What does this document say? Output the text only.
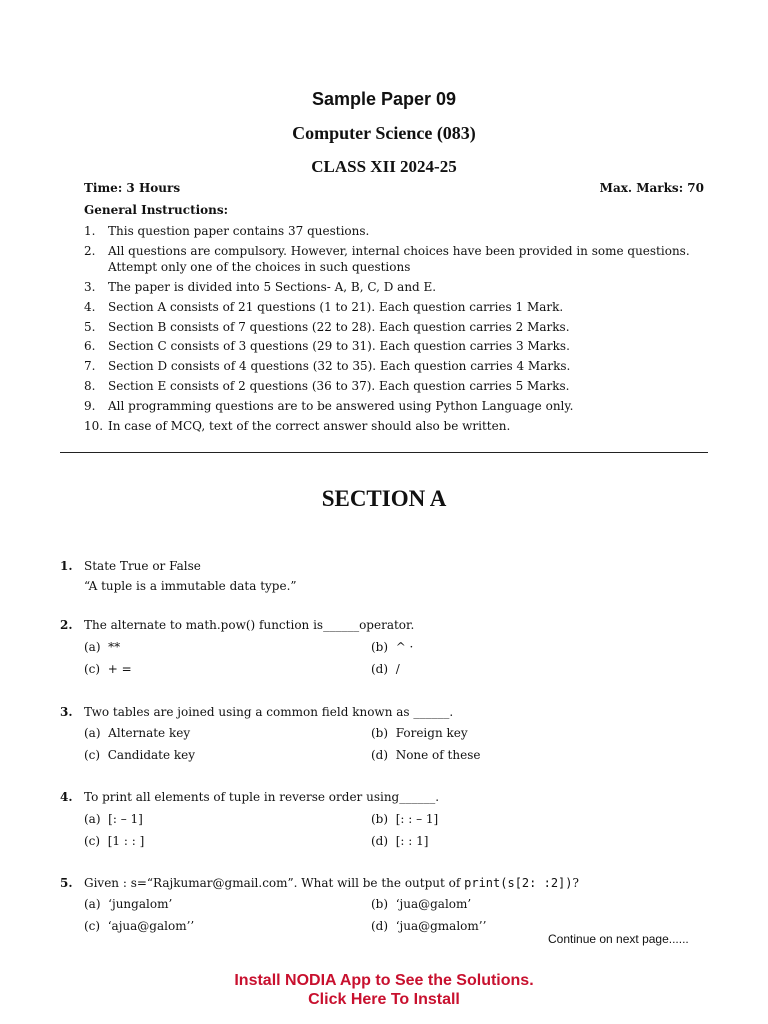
Sample Paper 09
Computer Science (083)
CLASS XII 2024-25
Time: 3 Hours	Max. Marks: 70
General Instructions:
1.	This question paper contains 37 questions.
2.	All questions are compulsory. However, internal choices have been provided in some questions. Attempt only one of the choices in such questions
3.	The paper is divided into 5 Sections- A, B, C, D and E.
4.	Section A consists of 21 questions (1 to 21). Each question carries 1 Mark.
5.	Section B consists of 7 questions (22 to 28). Each question carries 2 Marks.
6.	Section C consists of 3 questions (29 to 31). Each question carries 3 Marks.
7.	Section D consists of 4 questions (32 to 35). Each question carries 4 Marks.
8.	Section E consists of 2 questions (36 to 37). Each question carries 5 Marks.
9.	All programming questions are to be answered using Python Language only.
10. In case of MCQ, text of the correct answer should also be written.
SECTION A
1. State True or False
“A tuple is a immutable data type.”
2. The alternate to math.pow() function is______operator.
(a) **	(b) ^ ·
(c) + =	(d) /
3. Two tables are joined using a common field known as ______.
(a) Alternate key	(b) Foreign key
(c) Candidate key	(d) None of these
4. To print all elements of tuple in reverse order using______.
(a) [: – 1]	(b) [: : – 1]
(c) [1 : : ]	(d) [: : 1]
5. Given : s=“Rajkumar@gmail.com”. What will be the output of print(s[2: :2])?
(a) ‘jungalom’	(b) ‘jua@galom’
(c) ‘ajua@galom’’	(d) ‘jua@gmalom’’
Continue on next page......
Install NODIA App to See the Solutions.
Click Here To Install
